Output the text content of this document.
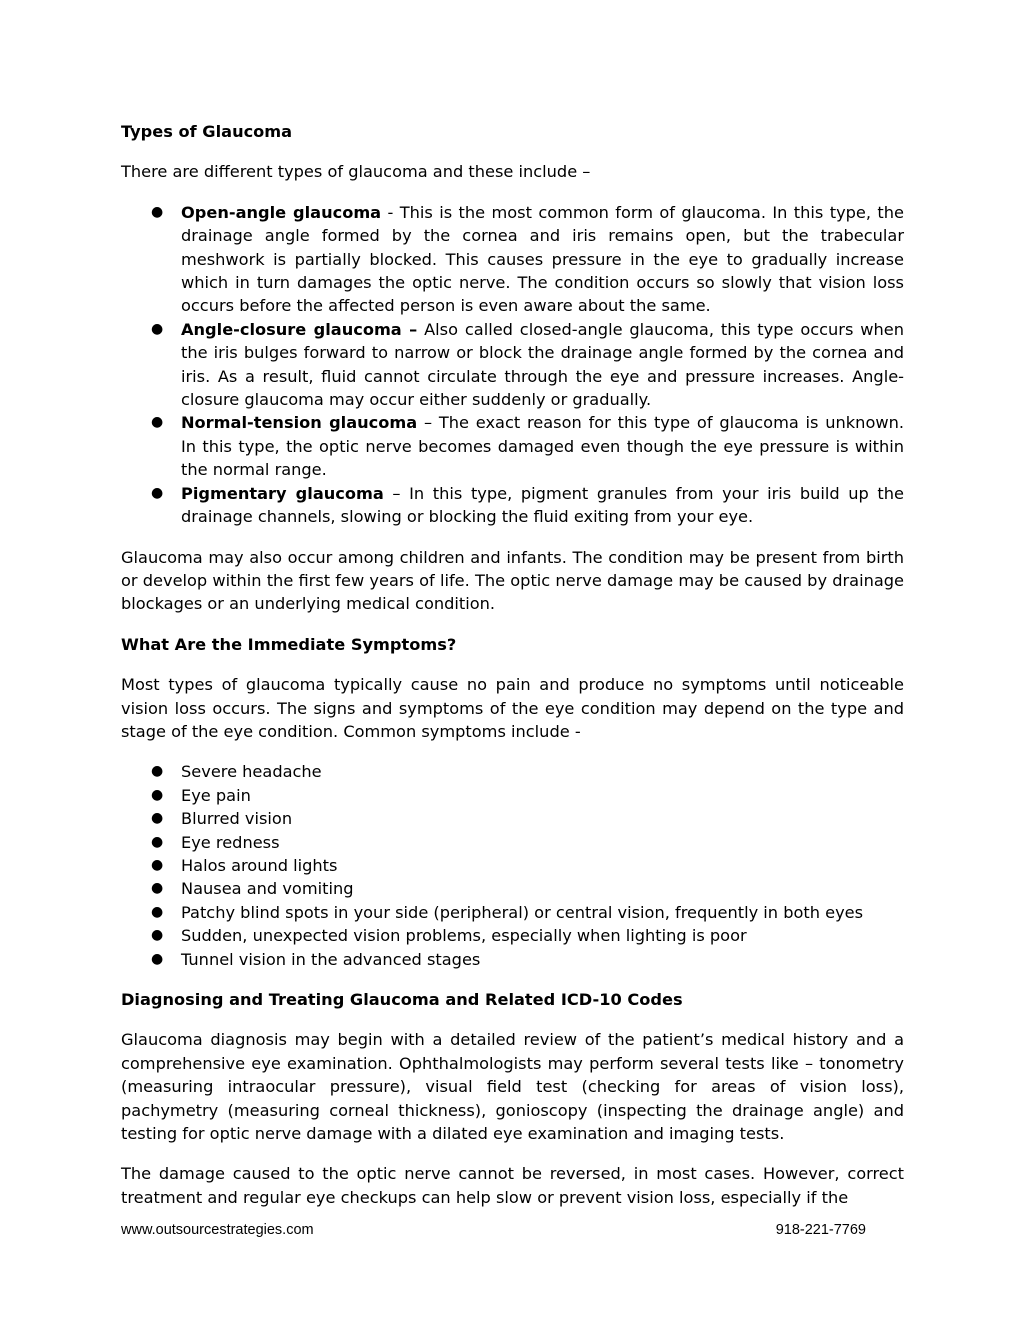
Types of Glaucoma

There are different types of glaucoma and these include –

● Open-angle glaucoma - This is the most common form of glaucoma. In this type, the drainage angle formed by the cornea and iris remains open, but the trabecular meshwork is partially blocked. This causes pressure in the eye to gradually increase which in turn damages the optic nerve. The condition occurs so slowly that vision loss occurs before the affected person is even aware about the same.
● Angle-closure glaucoma – Also called closed-angle glaucoma, this type occurs when the iris bulges forward to narrow or block the drainage angle formed by the cornea and iris. As a result, fluid cannot circulate through the eye and pressure increases. Angle-closure glaucoma may occur either suddenly or gradually.
● Normal-tension glaucoma – The exact reason for this type of glaucoma is unknown. In this type, the optic nerve becomes damaged even though the eye pressure is within the normal range.
● Pigmentary glaucoma – In this type, pigment granules from your iris build up the drainage channels, slowing or blocking the fluid exiting from your eye.

Glaucoma may also occur among children and infants. The condition may be present from birth or develop within the first few years of life. The optic nerve damage may be caused by drainage blockages or an underlying medical condition.

What Are the Immediate Symptoms?

Most types of glaucoma typically cause no pain and produce no symptoms until noticeable vision loss occurs. The signs and symptoms of the eye condition may depend on the type and stage of the eye condition. Common symptoms include -

● Severe headache
● Eye pain
● Blurred vision
● Eye redness
● Halos around lights
● Nausea and vomiting
● Patchy blind spots in your side (peripheral) or central vision, frequently in both eyes
● Sudden, unexpected vision problems, especially when lighting is poor
● Tunnel vision in the advanced stages
Diagnosing and Treating Glaucoma and Related ICD-10 Codes

Glaucoma diagnosis may begin with a detailed review of the patient’s medical history and a comprehensive eye examination. Ophthalmologists may perform several tests like – tonometry (measuring intraocular pressure), visual field test (checking for areas of vision loss), pachymetry (measuring corneal thickness), gonioscopy (inspecting the drainage angle) and testing for optic nerve damage with a dilated eye examination and imaging tests.

The damage caused to the optic nerve cannot be reversed, in most cases. However, correct treatment and regular eye checkups can help slow or prevent vision loss, especially if the

www.outsourcestrategies.com	918-221-7769
